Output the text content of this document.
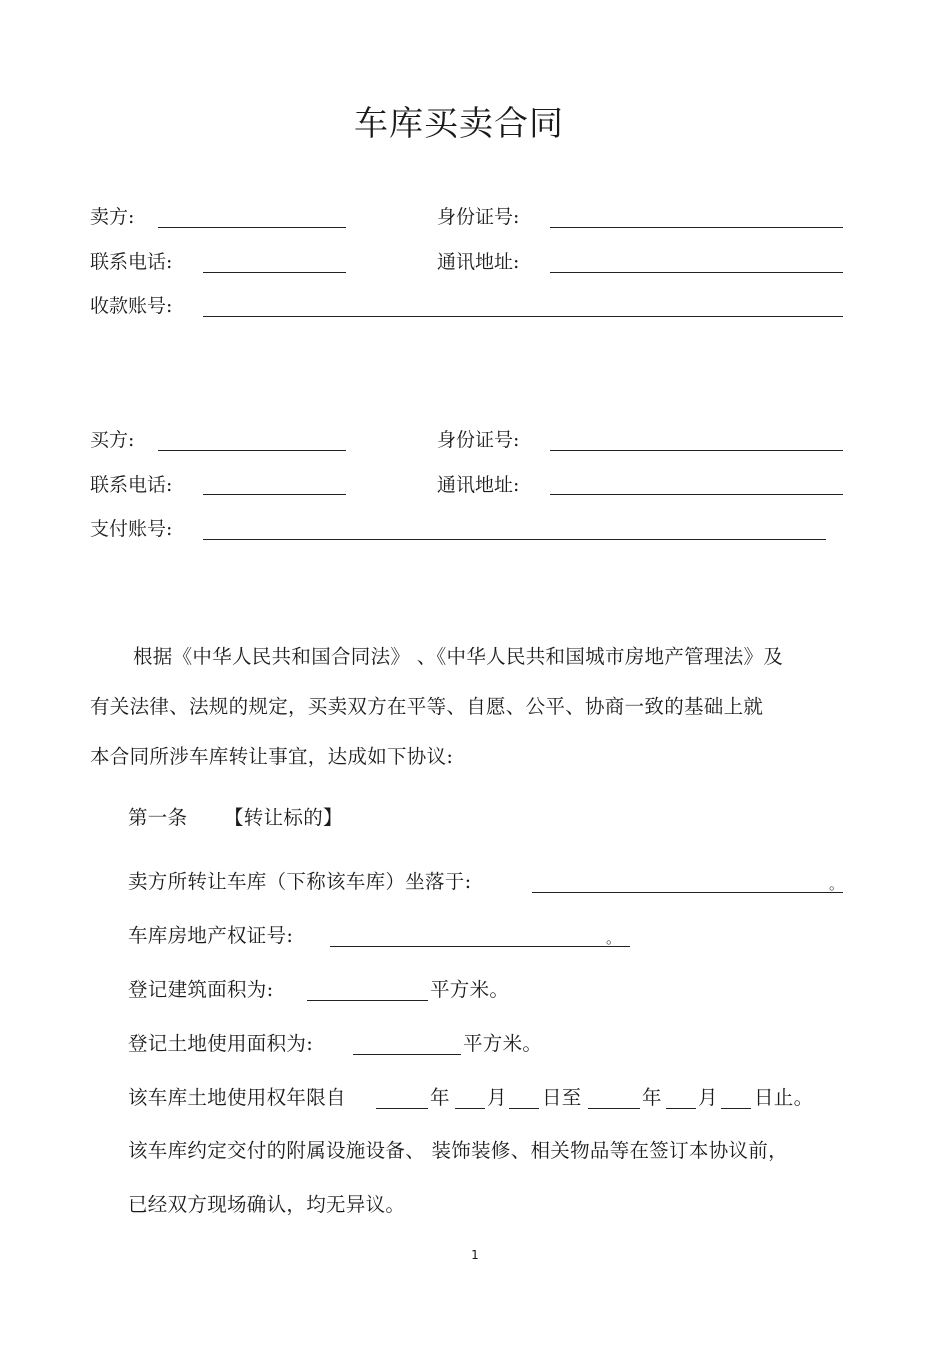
车库买卖合同
卖方:	身份证号:
联系电话:	通讯地址:
收款账号:
买方:	身份证号:
联系电话:	通讯地址:
支付账号:
根据《中华人民共和国合同法》 、《中华人民共和国城市房地产管理法》及
有关法律、法规的规定，买卖双方在平等、自愿、公平、协商一致的基础上就
本合同所涉车库转让事宜，达成如下协议:
第一条 【转让标的】
卖方所转让车库（下称该车库）坐落于:	。
车库房地产权证号:	。
登记建筑面积为:	平方米。
登记土地使用面积为:	平方米。
该车库土地使用权年限自	年 月 日至	年 月 日止。
该车库约定交付的附属设施设备、 装饰装修、相关物品等在签订本协议前，
已经双方现场确认，均无异议。
1
